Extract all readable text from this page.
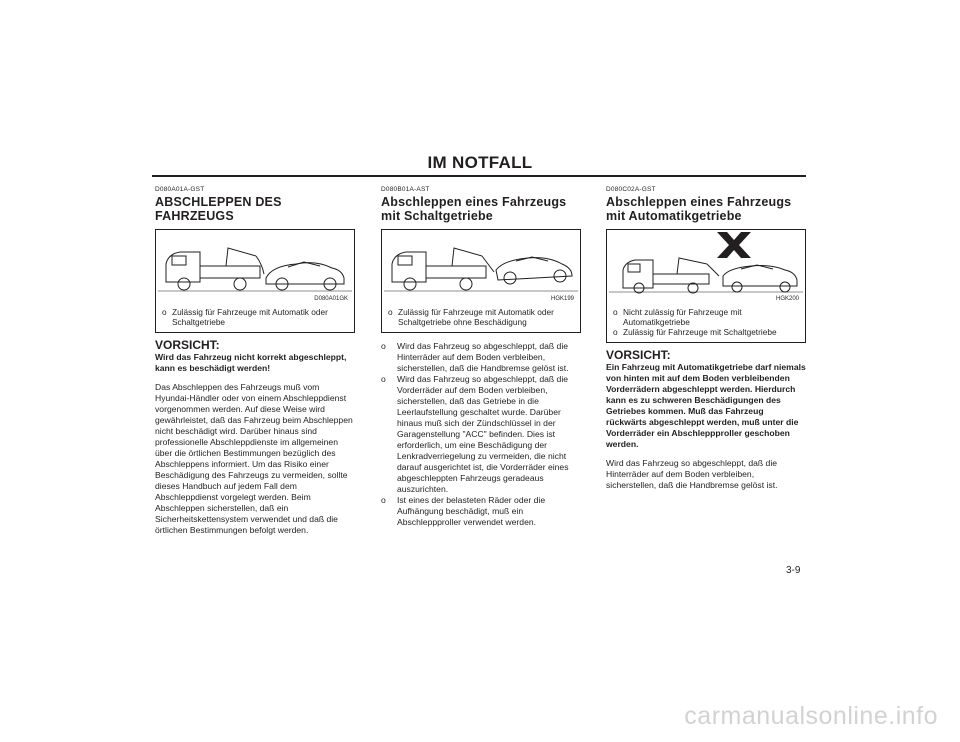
IM NOTFALL
D080A01A-GST
ABSCHLEPPEN DES FAHRZEUGS
D080A01GK
o Zulässig für Fahrzeuge mit Automatik oder Schaltgetriebe
VORSICHT:
Wird das Fahrzeug nicht korrekt abgeschleppt, kann es beschädigt werden!
Das Abschleppen des Fahrzeugs muß vom Hyundai-Händler oder von einem Abschleppdienst vorgenommen werden. Auf diese Weise wird gewährleistet, daß das Fahrzeug beim Abschleppen nicht beschädigt wird. Darüber hinaus sind professionelle Abschleppdienste im allgemeinen über die örtlichen Bestimmungen bezüglich des Abschleppens informiert. Um das Risiko einer Beschädigung des Fahrzeugs zu vermeiden, sollte dieses Handbuch auf jedem Fall dem Abschleppdienst vorgelegt werden. Beim Abschleppen sicherstellen, daß ein Sicherheitskettensystem verwendet und daß die örtlichen Bestimmungen befolgt werden.
D080B01A-AST
Abschleppen eines Fahrzeugs mit Schaltgetriebe
HGK199
o Zulässig für Fahrzeuge mit Automatik oder Schaltgetriebe ohne Beschädigung
o	Wird das Fahrzeug so abgeschleppt, daß die Hinterräder auf dem Boden verbleiben, sicherstellen, daß die Handbremse gelöst ist.
o	Wird das Fahrzeug so abgeschleppt, daß die Vorderräder auf dem Boden verbleiben, sicherstellen, daß das Getriebe in die Leerlaufstellung geschaltet wurde. Darüber hinaus muß sich der Zündschlüssel in der Garagenstellung "ACC" befinden. Dies ist erforderlich, um eine Beschädigung der Lenkradverriegelung zu vermeiden, die nicht darauf ausgerichtet ist, die Vorderräder eines abgeschleppten Fahrzeugs geradeaus auszurichten.
o	Ist eines der belasteten Räder oder die Aufhängung beschädigt, muß ein Abschleppproller verwendet werden.
D080C02A-GST
Abschleppen eines Fahrzeugs mit Automatikgetriebe
HGK200
o Nicht zulässig für Fahrzeuge mit Automatikgetriebe
o Zulässig für Fahrzeuge mit Schaltgetriebe
VORSICHT:
Ein Fahrzeug mit Automatikgetriebe darf niemals von hinten mit auf dem Boden verbleibenden Vorderrädern abgeschleppt werden. Hierdurch kann es zu schweren Beschädigungen des Getriebes kommen. Muß das Fahrzeug rückwärts abgeschleppt werden, muß unter die Vorderräder ein Abschleppproller geschoben werden.
Wird das Fahrzeug so abgeschleppt, daß die Hinterräder auf dem Boden verbleiben, sicherstellen, daß die Handbremse gelöst ist.
3-9
carmanualsonline.info
